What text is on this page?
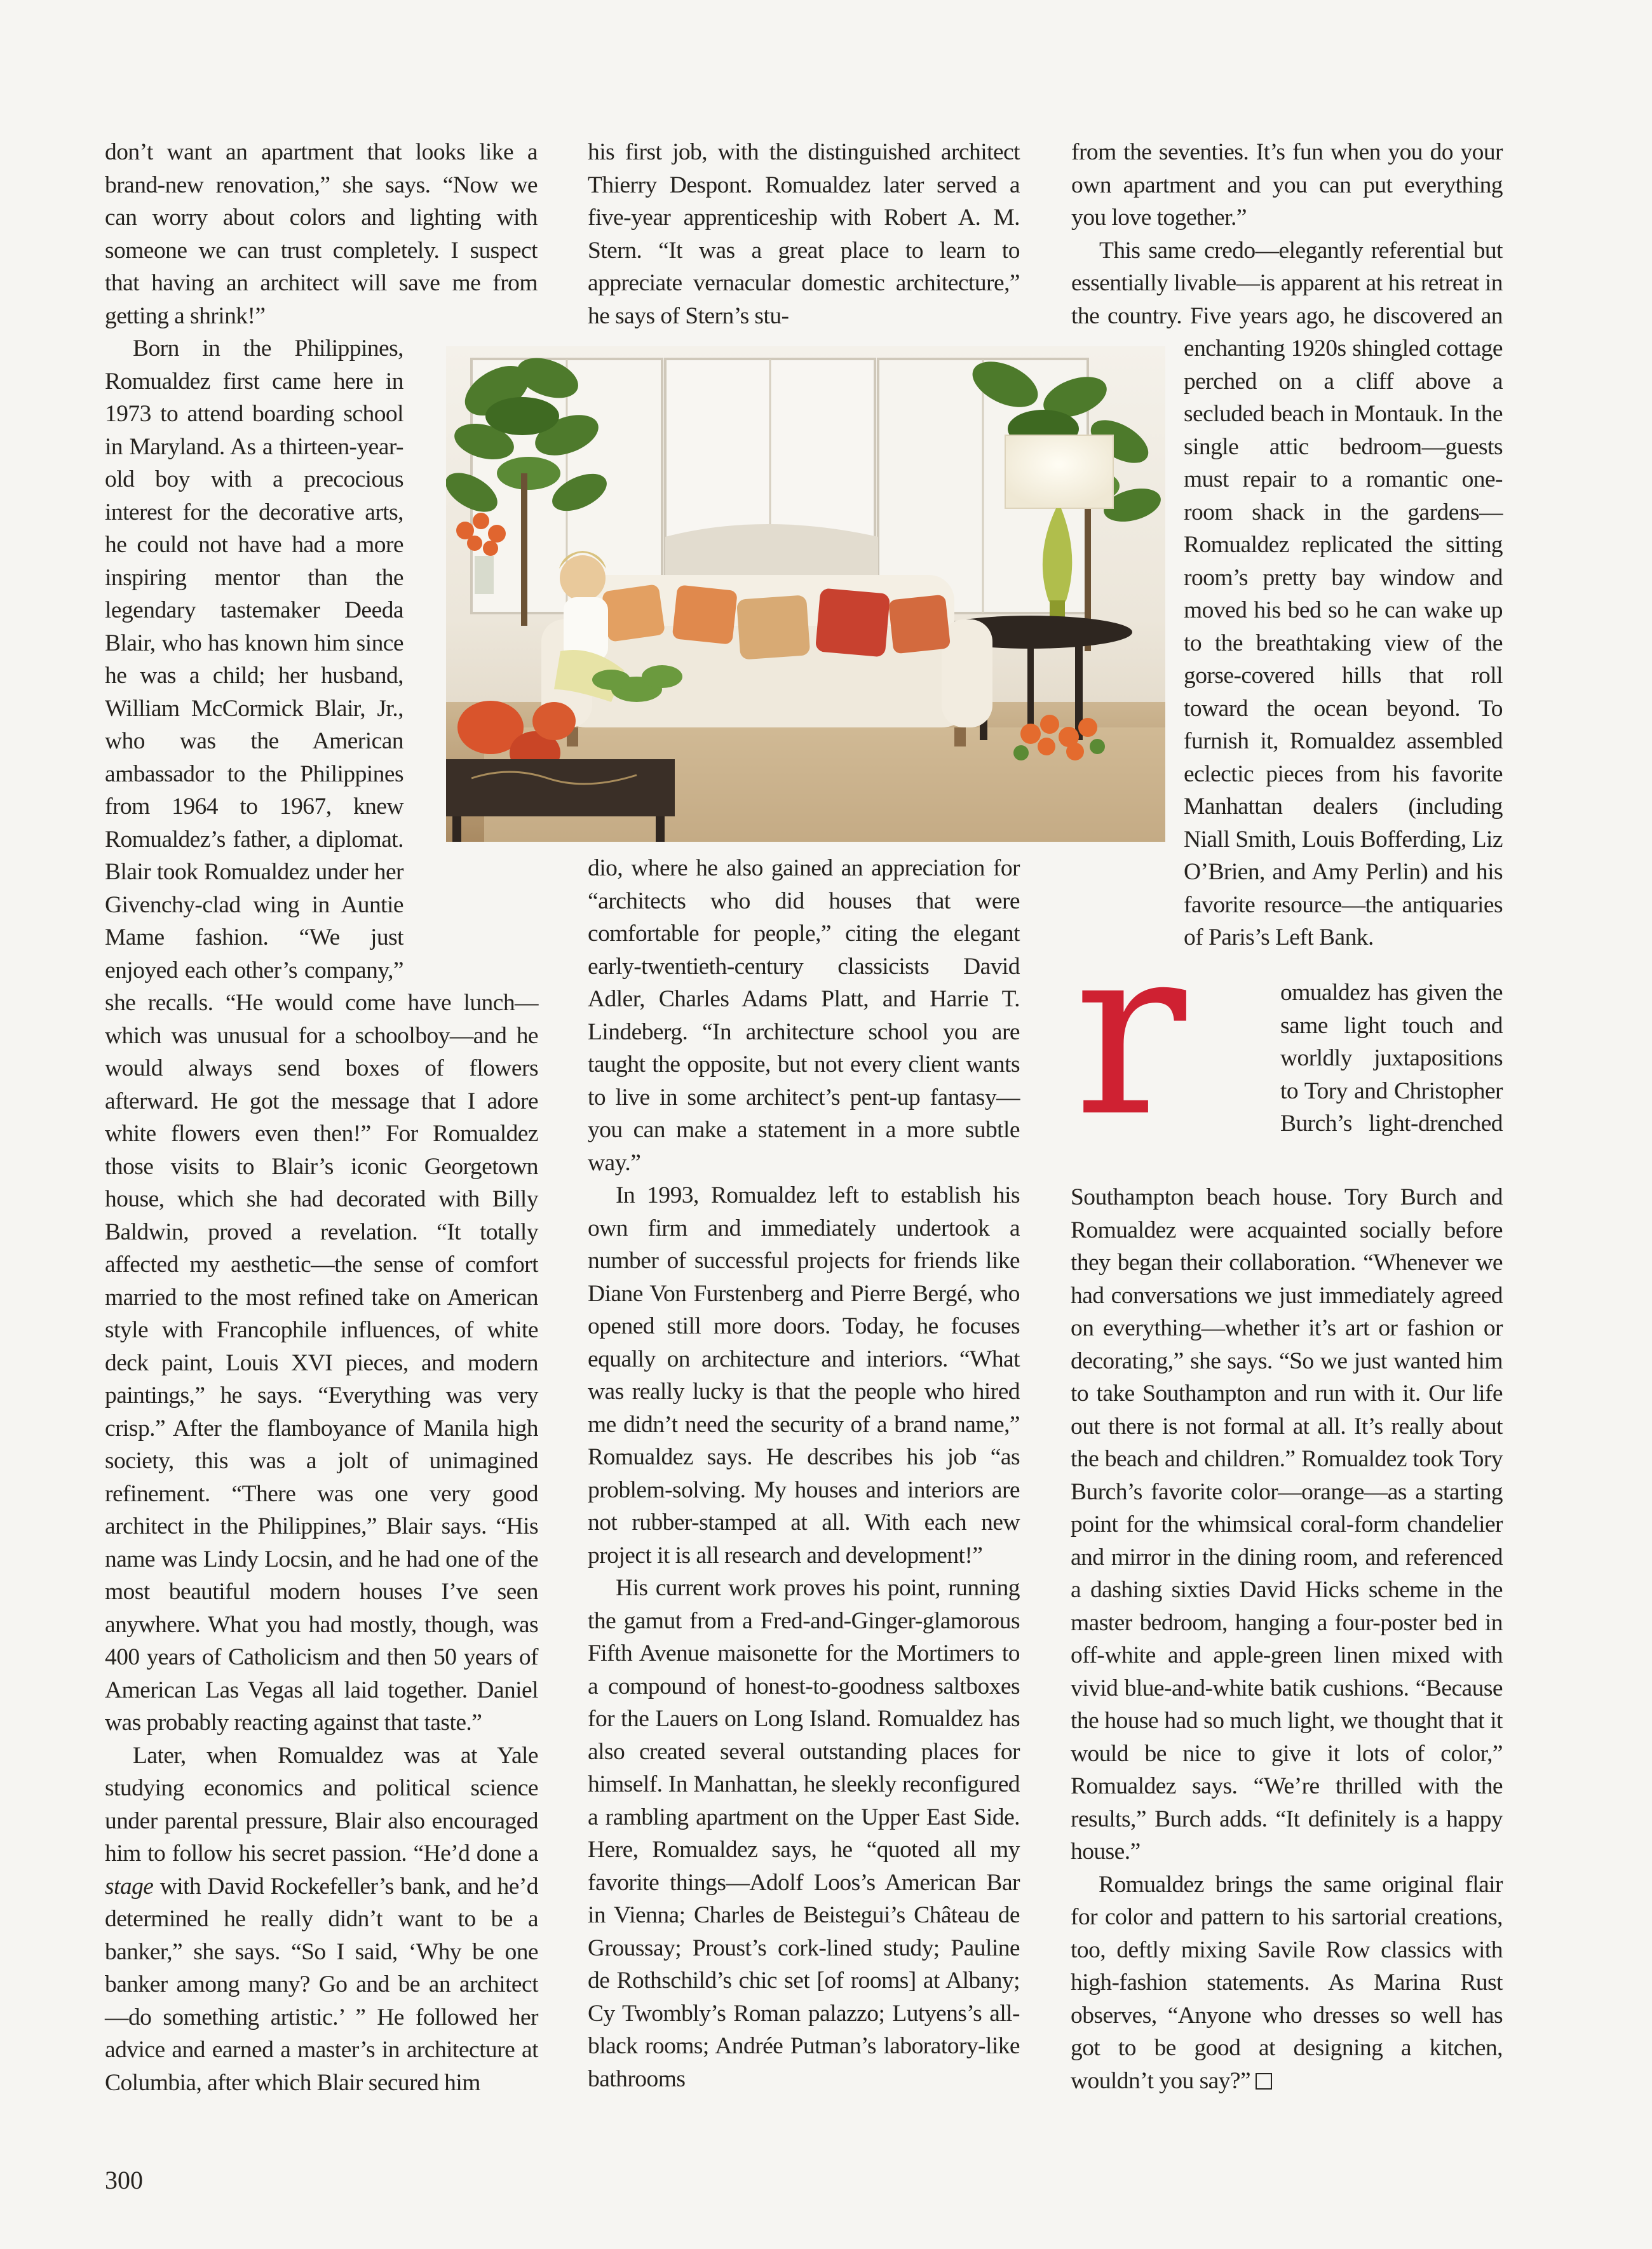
don’t want an apartment that looks like a brand-new renovation,” she says. “Now we can worry about colors and lighting with someone we can trust completely. I suspect that having an architect will save me from getting a shrink!”

Born in the Philippines, Romualdez first came here in 1973 to attend boarding school in Maryland. As a thirteen-year-old boy with a precocious interest for the decorative arts, he could not have had a more inspiring mentor than the legendary tastemaker Deeda Blair, who has known him since he was a child; her husband, William McCormick Blair, Jr., who was the American ambassador to the Philippines from 1964 to 1967, knew Romualdez’s father, a diplomat. Blair took Romualdez under her Givenchy-clad wing in Auntie Mame fashion. “We just enjoyed each other’s company,” she recalls. “He would come have lunch—which was unusual for a schoolboy—and he would always send boxes of flowers afterward. He got the message that I adore white flowers even then!” For Romualdez those visits to Blair’s iconic Georgetown house, which she had decorated with Billy Baldwin, proved a revelation. “It totally affected my aesthetic—the sense of comfort married to the most refined take on American style with Francophile influences, of white deck paint, Louis XVI pieces, and modern paintings,” he says. “Everything was very crisp.” After the flamboyance of Manila high society, this was a jolt of unimagined refinement. “There was one very good architect in the Philippines,” Blair says. “His name was Lindy Locsin, and he had one of the most beautiful modern houses I’ve seen anywhere. What you had mostly, though, was 400 years of Catholicism and then 50 years of American Las Vegas all laid together. Daniel was probably reacting against that taste.”

Later, when Romualdez was at Yale studying economics and political science under parental pressure, Blair also encouraged him to follow his secret passion. “He’d done a stage with David Rockefeller’s bank, and he’d determined he really didn’t want to be a banker,” she says. “So I said, ‘Why be one banker among many? Go and be an architect—do something artistic.’ ” He followed her advice and earned a master’s in architecture at Columbia, after which Blair secured him

his first job, with the distinguished architect Thierry Despont. Romualdez later served a five-year apprenticeship with Robert A. M. Stern. “It was a great place to learn to appreciate vernacular domestic architecture,” he says of Stern’s stu-

dio, where he also gained an appreciation for “architects who did houses that were comfortable for people,” citing the elegant early-twentieth-century classicists David Adler, Charles Adams Platt, and Harrie T. Lindeberg. “In architecture school you are taught the opposite, but not every client wants to live in some architect’s pent-up fantasy—you can make a statement in a more subtle way.”

In 1993, Romualdez left to establish his own firm and immediately undertook a number of successful projects for friends like Diane Von Furstenberg and Pierre Bergé, who opened still more doors. Today, he focuses equally on architecture and interiors. “What was really lucky is that the people who hired me didn’t need the security of a brand name,” Romualdez says. He describes his job “as problem-solving. My houses and interiors are not rubber-stamped at all. With each new project it is all research and development!”

His current work proves his point, running the gamut from a Fred-and-Ginger-glamorous Fifth Avenue maisonette for the Mortimers to a compound of honest-to-goodness saltboxes for the Lauers on Long Island. Romualdez has also created several outstanding places for himself. In Manhattan, he sleekly reconfigured a rambling apartment on the Upper East Side. Here, Romualdez says, he “quoted all my favorite things—Adolf Loos’s American Bar in Vienna; Charles de Beistegui’s Château de Groussay; Proust’s cork-lined study; Pauline de Rothschild’s chic set [of rooms] at Albany; Cy Twombly’s Roman palazzo; Lutyens’s all-black rooms; Andrée Putman’s laboratory-like bathrooms

from the seventies. It’s fun when you do your own apartment and you can put everything you love together.”

This same credo—elegantly referential but essentially livable—is apparent at his retreat in the country. Five years ago, he discovered an enchanting 1920s shingled cottage perched on a cliff above a secluded beach in Montauk. In the single attic bedroom—guests must repair to a romantic one-room shack in the gardens—Romualdez replicated the sitting room’s pretty bay window and moved his bed so he can wake up to the breathtaking view of the gorse-covered hills that roll toward the ocean beyond. To furnish it, Romualdez assembled eclectic pieces from his favorite Manhattan dealers (including Niall Smith, Louis Bofferding, Liz O’Brien, and Amy Perlin) and his favorite resource—the antiquaries of Paris’s Left Bank.

r	omualdez has given the same light touch and worldly juxtapositions to Tory and Christopher Burch’s light-drenched

Southampton beach house. Tory Burch and Romualdez were acquainted socially before they began their collaboration. “Whenever we had conversations we just immediately agreed on everything—whether it’s art or fashion or decorating,” she says. “So we just wanted him to take Southampton and run with it. Our life out there is not formal at all. It’s really about the beach and children.” Romualdez took Tory Burch’s favorite color—orange—as a starting point for the whimsical coral-form chandelier and mirror in the dining room, and referenced a dashing sixties David Hicks scheme in the master bedroom, hanging a four-poster bed in off-white and apple-green linen mixed with vivid blue-and-white batik cushions. “Because the house had so much light, we thought that it would be nice to give it lots of color,” Romualdez says. “We’re thrilled with the results,” Burch adds. “It definitely is a happy house.”

Romualdez brings the same original flair for color and pattern to his sartorial creations, too, deftly mixing Savile Row classics with high-fashion statements. As Marina Rust observes, “Anyone who dresses so well has got to be good at designing a kitchen, wouldn’t you say?”

300
